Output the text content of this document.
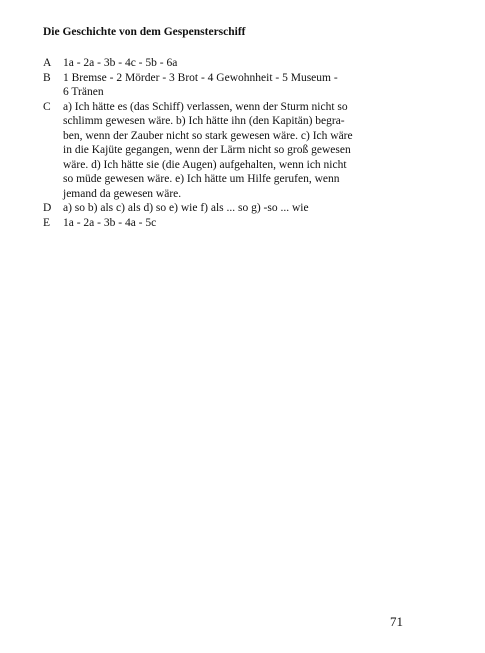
Die Geschichte von dem Gespensterschiff
A	1a - 2a - 3b - 4c - 5b - 6a
B	1 Bremse - 2 Mörder - 3 Brot - 4 Gewohnheit - 5 Museum -
6 Tränen
C	a) Ich hätte es (das Schiff) verlassen, wenn der Sturm nicht so
schlimm gewesen wäre. b) Ich hätte ihn (den Kapitän) begra-
ben, wenn der Zauber nicht so stark gewesen wäre. c) Ich wäre
in die Kajüte gegangen, wenn der Lärm nicht so groß gewesen
wäre. d) Ich hätte sie (die Augen) aufgehalten, wenn ich nicht
so müde gewesen wäre. e) Ich hätte um Hilfe gerufen, wenn
jemand da gewesen wäre.
D	a) so b) als c) als d) so e) wie f) als ... so g) -so ... wie
E	1a - 2a - 3b - 4a - 5c
71
